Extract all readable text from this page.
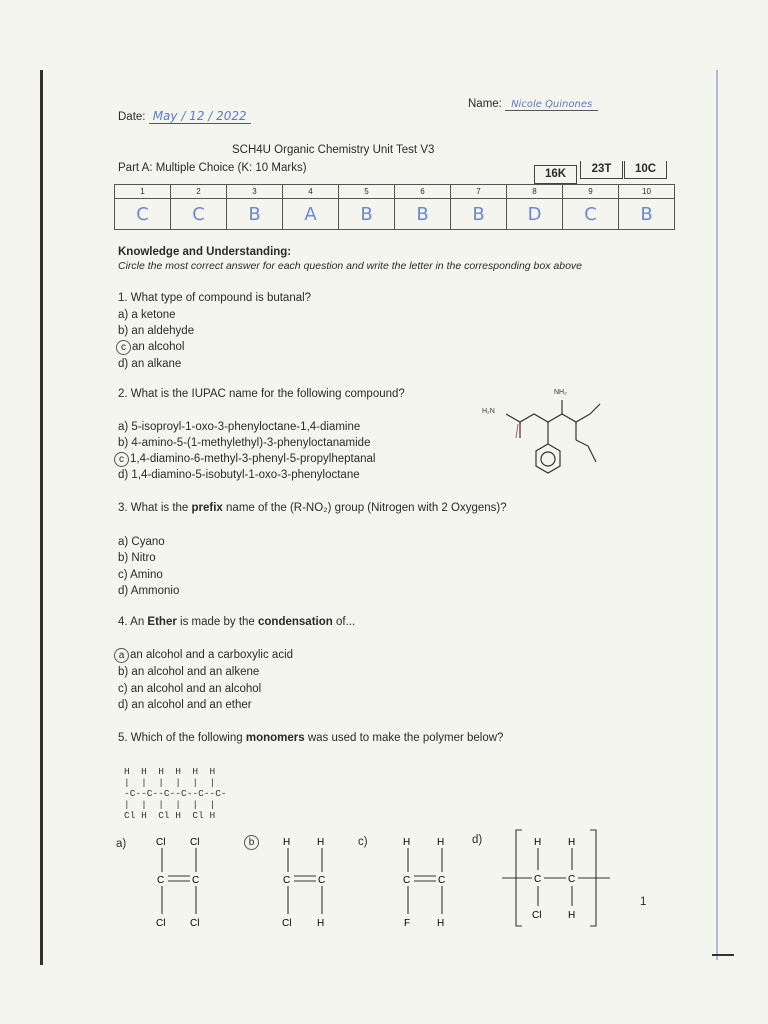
Date: May / 12 / 2022
Name: Nicole Quinones
SCH4U Organic Chemistry Unit Test V3
Part A: Multiple Choice (K: 10 Marks)	16K	23T	10C
1	2	3	4	5	6	7	8	9	10
C	C	B	A	B	B	B	D	C	B
Knowledge and Understanding:
Circle the most correct answer for each question and write the letter in the corresponding box above
1. What type of compound is butanal?
a) a ketone
b) an aldehyde
c an alcohol
d) an alkane
2. What is the IUPAC name for the following compound?
a) 5-isoproyl-1-oxo-3-phenyloctane-1,4-diamine
b) 4-amino-5-(1-methylethyl)-3-phenyloctanamide
c 1,4-diamino-6-methyl-3-phenyl-5-propylheptanal
d) 1,4-diamino-5-isobutyl-1-oxo-3-phenyloctane
NH₂
H₂N
3. What is the prefix name of the (R-NO₂) group (Nitrogen with 2 Oxygens)?
a) Cyano
b) Nitro
c) Amino
d) Ammonio
4. An Ether is made by the condensation of...
a an alcohol and a carboxylic acid
b) an alcohol and an alkene
c) an alcohol and an alcohol
d) an alcohol and an ether
5. Which of the following monomers was used to make the polymer below?
H  H  H  H  H  H
|  |  |  |  |  |
-C--C--C--C--C--C-
|  |  |  |  |  |
Cl H  Cl H  Cl H
a)	b	c)	d)
Cl Cl
C	C
Cl Cl
H	H
C	C
Cl	H
H	H
C	C
F	H
H	H
C	C
Cl	H
1
